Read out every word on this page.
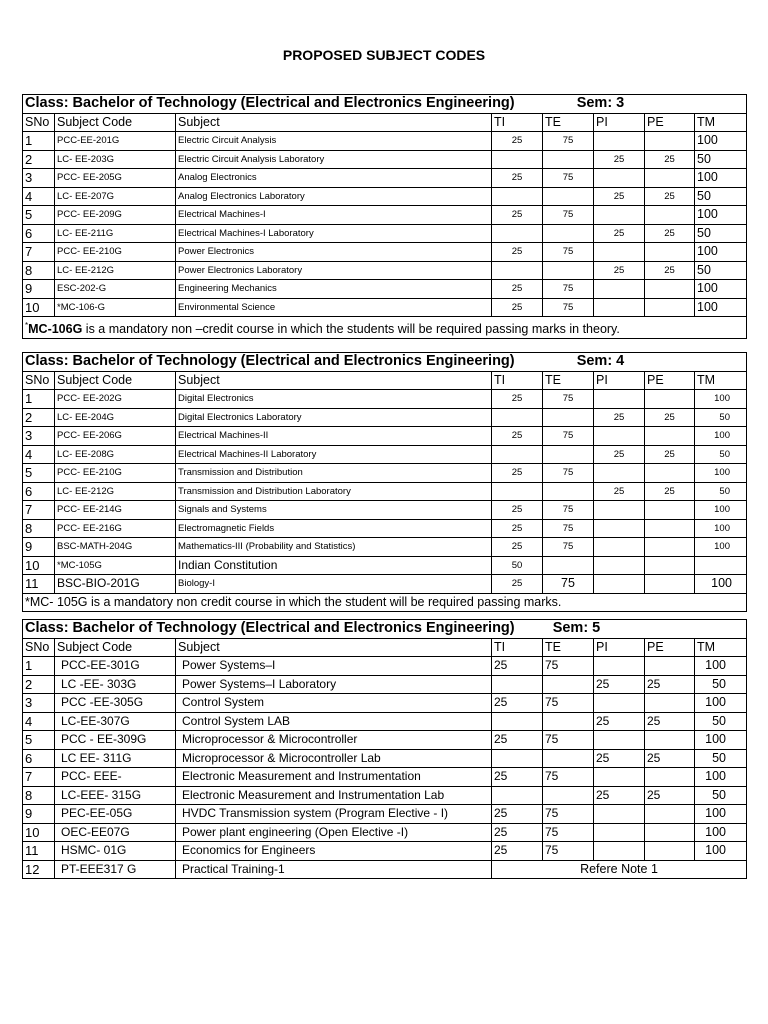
PROPOSED SUBJECT CODES
Class: Bachelor of Technology (Electrical and Electronics Engineering) Sem: 3							
SNo	Subject Code	Subject	TI	TE	PI	PE	TM
1	PCC-EE-201G	Electric Circuit Analysis	25	75			100
2	LC- EE-203G	Electric Circuit Analysis Laboratory			25	25	50
3	PCC- EE-205G	Analog Electronics	25	75			100
4	LC- EE-207G	Analog Electronics Laboratory			25	25	50
5	PCC- EE-209G	Electrical Machines-I	25	75			100
6	LC- EE-211G	Electrical Machines-I Laboratory			25	25	50
7	PCC- EE-210G	Power Electronics	25	75			100
8	LC- EE-212G	Power Electronics Laboratory			25	25	50
9	ESC-202-G	Engineering Mechanics	25	75			100
10	*MC-106-G	Environmental Science	25	75			100
*MC-106G is a mandatory non –credit course in which the students will be required passing marks in theory.							
Class: Bachelor of Technology (Electrical and Electronics Engineering) Sem: 4							
SNo	Subject Code	Subject	TI	TE	PI	PE	TM
1	PCC- EE-202G	Digital Electronics	25	75			100
2	LC- EE-204G	Digital Electronics Laboratory			25	25	50
3	PCC- EE-206G	Electrical Machines-II	25	75			100
4	LC- EE-208G	Electrical Machines-II Laboratory			25	25	50
5	PCC- EE-210G	Transmission and Distribution	25	75			100
6	LC- EE-212G	Transmission and Distribution Laboratory			25	25	50
7	PCC- EE-214G	Signals and Systems	25	75			100
8	PCC- EE-216G	Electromagnetic Fields	25	75			100
9	BSC-MATH-204G	Mathematics-III (Probability and Statistics)	25	75			100
10	*MC-105G	Indian Constitution	50				
11	BSC-BIO-201G	Biology-I	25	75			100
*MC- 105G is a mandatory non credit course in which the student will be required passing marks.							
Class: Bachelor of Technology (Electrical and Electronics Engineering) Sem: 5							
SNo	Subject Code	Subject	TI	TE	PI	PE	TM
1	PCC-EE-301G	Power Systems–I	25	75			100
2	LC -EE- 303G	Power Systems–I Laboratory			25	25	50
3	PCC -EE-305G	Control System	25	75			100
4	LC-EE-307G	Control System LAB			25	25	50
5	PCC - EE-309G	Microprocessor & Microcontroller	25	75			100
6	LC EE- 311G	Microprocessor & Microcontroller Lab			25	25	50
7	PCC- EEE-	Electronic Measurement and Instrumentation	25	75			100
8	LC-EEE- 315G	Electronic Measurement and Instrumentation Lab			25	25	50
9	PEC-EE-05G	HVDC Transmission system (Program Elective - I)	25	75			100
10	OEC-EE07G	Power plant engineering (Open Elective -I)	25	75			100
11	HSMC- 01G	Economics for Engineers	25	75			100
12	PT-EEE317 G	Practical Training-1	Refere Note 1				
